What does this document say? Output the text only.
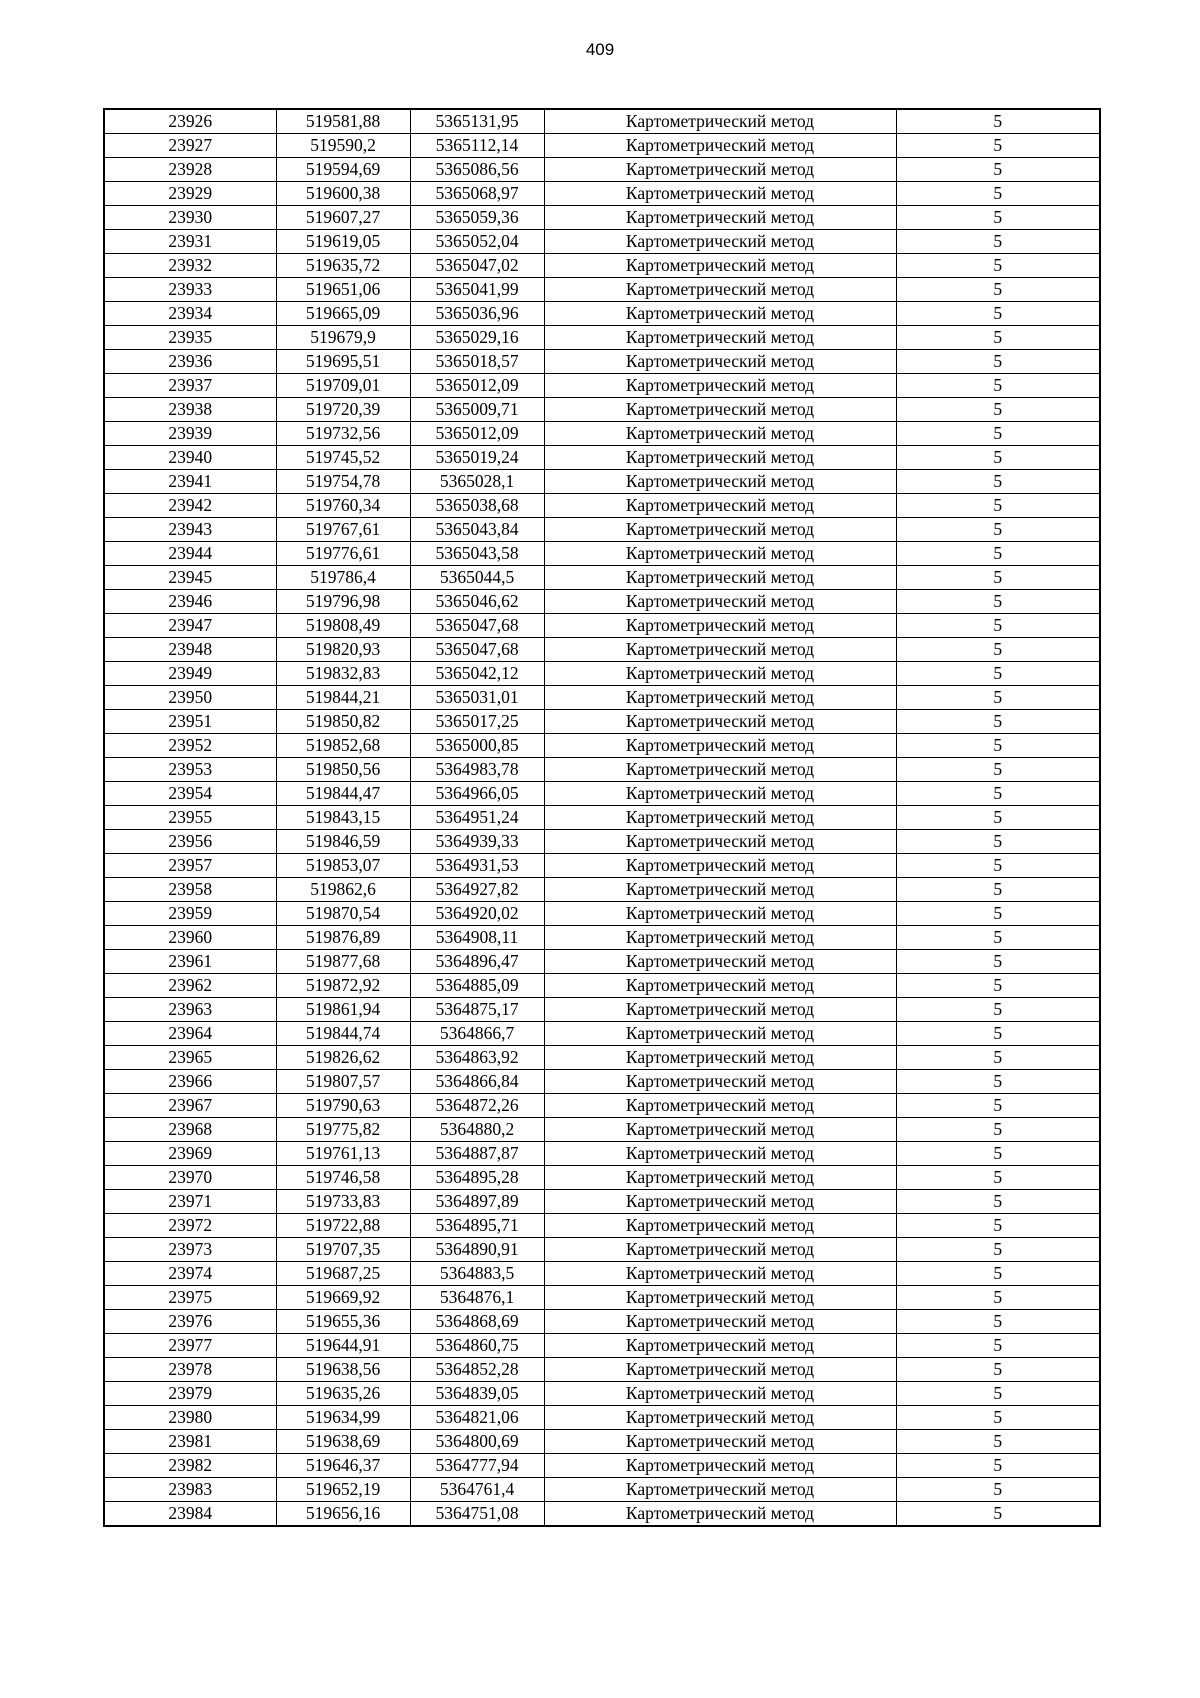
409
23926	519581,88	5365131,95	Картометрический метод	5
23927	519590,2	5365112,14	Картометрический метод	5
23928	519594,69	5365086,56	Картометрический метод	5
23929	519600,38	5365068,97	Картометрический метод	5
23930	519607,27	5365059,36	Картометрический метод	5
23931	519619,05	5365052,04	Картометрический метод	5
23932	519635,72	5365047,02	Картометрический метод	5
23933	519651,06	5365041,99	Картометрический метод	5
23934	519665,09	5365036,96	Картометрический метод	5
23935	519679,9	5365029,16	Картометрический метод	5
23936	519695,51	5365018,57	Картометрический метод	5
23937	519709,01	5365012,09	Картометрический метод	5
23938	519720,39	5365009,71	Картометрический метод	5
23939	519732,56	5365012,09	Картометрический метод	5
23940	519745,52	5365019,24	Картометрический метод	5
23941	519754,78	5365028,1	Картометрический метод	5
23942	519760,34	5365038,68	Картометрический метод	5
23943	519767,61	5365043,84	Картометрический метод	5
23944	519776,61	5365043,58	Картометрический метод	5
23945	519786,4	5365044,5	Картометрический метод	5
23946	519796,98	5365046,62	Картометрический метод	5
23947	519808,49	5365047,68	Картометрический метод	5
23948	519820,93	5365047,68	Картометрический метод	5
23949	519832,83	5365042,12	Картометрический метод	5
23950	519844,21	5365031,01	Картометрический метод	5
23951	519850,82	5365017,25	Картометрический метод	5
23952	519852,68	5365000,85	Картометрический метод	5
23953	519850,56	5364983,78	Картометрический метод	5
23954	519844,47	5364966,05	Картометрический метод	5
23955	519843,15	5364951,24	Картометрический метод	5
23956	519846,59	5364939,33	Картометрический метод	5
23957	519853,07	5364931,53	Картометрический метод	5
23958	519862,6	5364927,82	Картометрический метод	5
23959	519870,54	5364920,02	Картометрический метод	5
23960	519876,89	5364908,11	Картометрический метод	5
23961	519877,68	5364896,47	Картометрический метод	5
23962	519872,92	5364885,09	Картометрический метод	5
23963	519861,94	5364875,17	Картометрический метод	5
23964	519844,74	5364866,7	Картометрический метод	5
23965	519826,62	5364863,92	Картометрический метод	5
23966	519807,57	5364866,84	Картометрический метод	5
23967	519790,63	5364872,26	Картометрический метод	5
23968	519775,82	5364880,2	Картометрический метод	5
23969	519761,13	5364887,87	Картометрический метод	5
23970	519746,58	5364895,28	Картометрический метод	5
23971	519733,83	5364897,89	Картометрический метод	5
23972	519722,88	5364895,71	Картометрический метод	5
23973	519707,35	5364890,91	Картометрический метод	5
23974	519687,25	5364883,5	Картометрический метод	5
23975	519669,92	5364876,1	Картометрический метод	5
23976	519655,36	5364868,69	Картометрический метод	5
23977	519644,91	5364860,75	Картометрический метод	5
23978	519638,56	5364852,28	Картометрический метод	5
23979	519635,26	5364839,05	Картометрический метод	5
23980	519634,99	5364821,06	Картометрический метод	5
23981	519638,69	5364800,69	Картометрический метод	5
23982	519646,37	5364777,94	Картометрический метод	5
23983	519652,19	5364761,4	Картометрический метод	5
23984	519656,16	5364751,08	Картометрический метод	5
